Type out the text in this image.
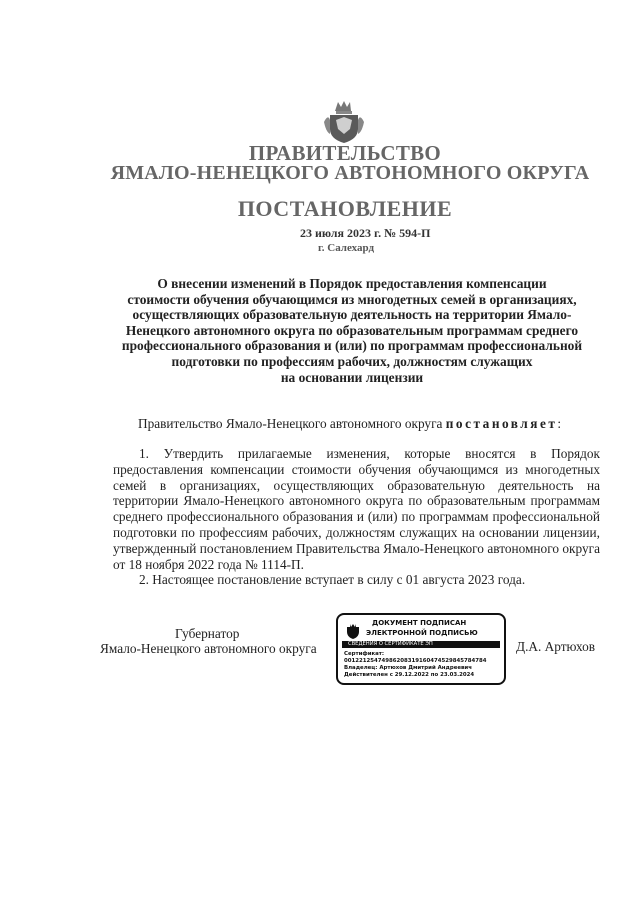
ПРАВИТЕЛЬСТВО
ЯМАЛО-НЕНЕЦКОГО АВТОНОМНОГО ОКРУГА
ПОСТАНОВЛЕНИЕ
23 июля 2023 г. № 594-П
г. Салехард
О внесении изменений в Порядок предоставления компенсации
стоимости обучения обучающимся из многодетных семей в организациях,
осуществляющих образовательную деятельность на территории Ямало-
Ненецкого автономного округа по образовательным программам среднего
профессионального образования и (или) по программам профессиональной
подготовки по профессиям рабочих, должностям служащих
на основании лицензии
Правительство Ямало-Ненецкого автономного округа постановляет:

1. Утвердить прилагаемые изменения, которые вносятся в Порядок предоставления компенсации стоимости обучения обучающимся из многодетных семей в организациях, осуществляющих образовательную деятельность на территории Ямало-Ненецкого автономного округа по образовательным программам среднего профессионального образования и (или) по программам профессиональной подготовки по профессиям рабочих, должностям служащих на основании лицензии, утвержденный постановлением Правительства Ямало-Ненецкого автономного округа от 18 ноября 2022 года № 1114-П.

2. Настоящее постановление вступает в силу с 01 августа 2023 года.

Губернатор
Ямало-Ненецкого автономного округа	Д.А. Артюхов
ДОКУМЕНТ ПОДПИСАН
ЭЛЕКТРОННОЙ ПОДПИСЬЮ
СВЕДЕНИЯ О СЕРТИФИКАТЕ ЭП
Сертификат:
00122125474986208319160474529845784784
Владелец: Артюхов Дмитрий Андреевич
Действителен с 29.12.2022 по 23.03.2024
